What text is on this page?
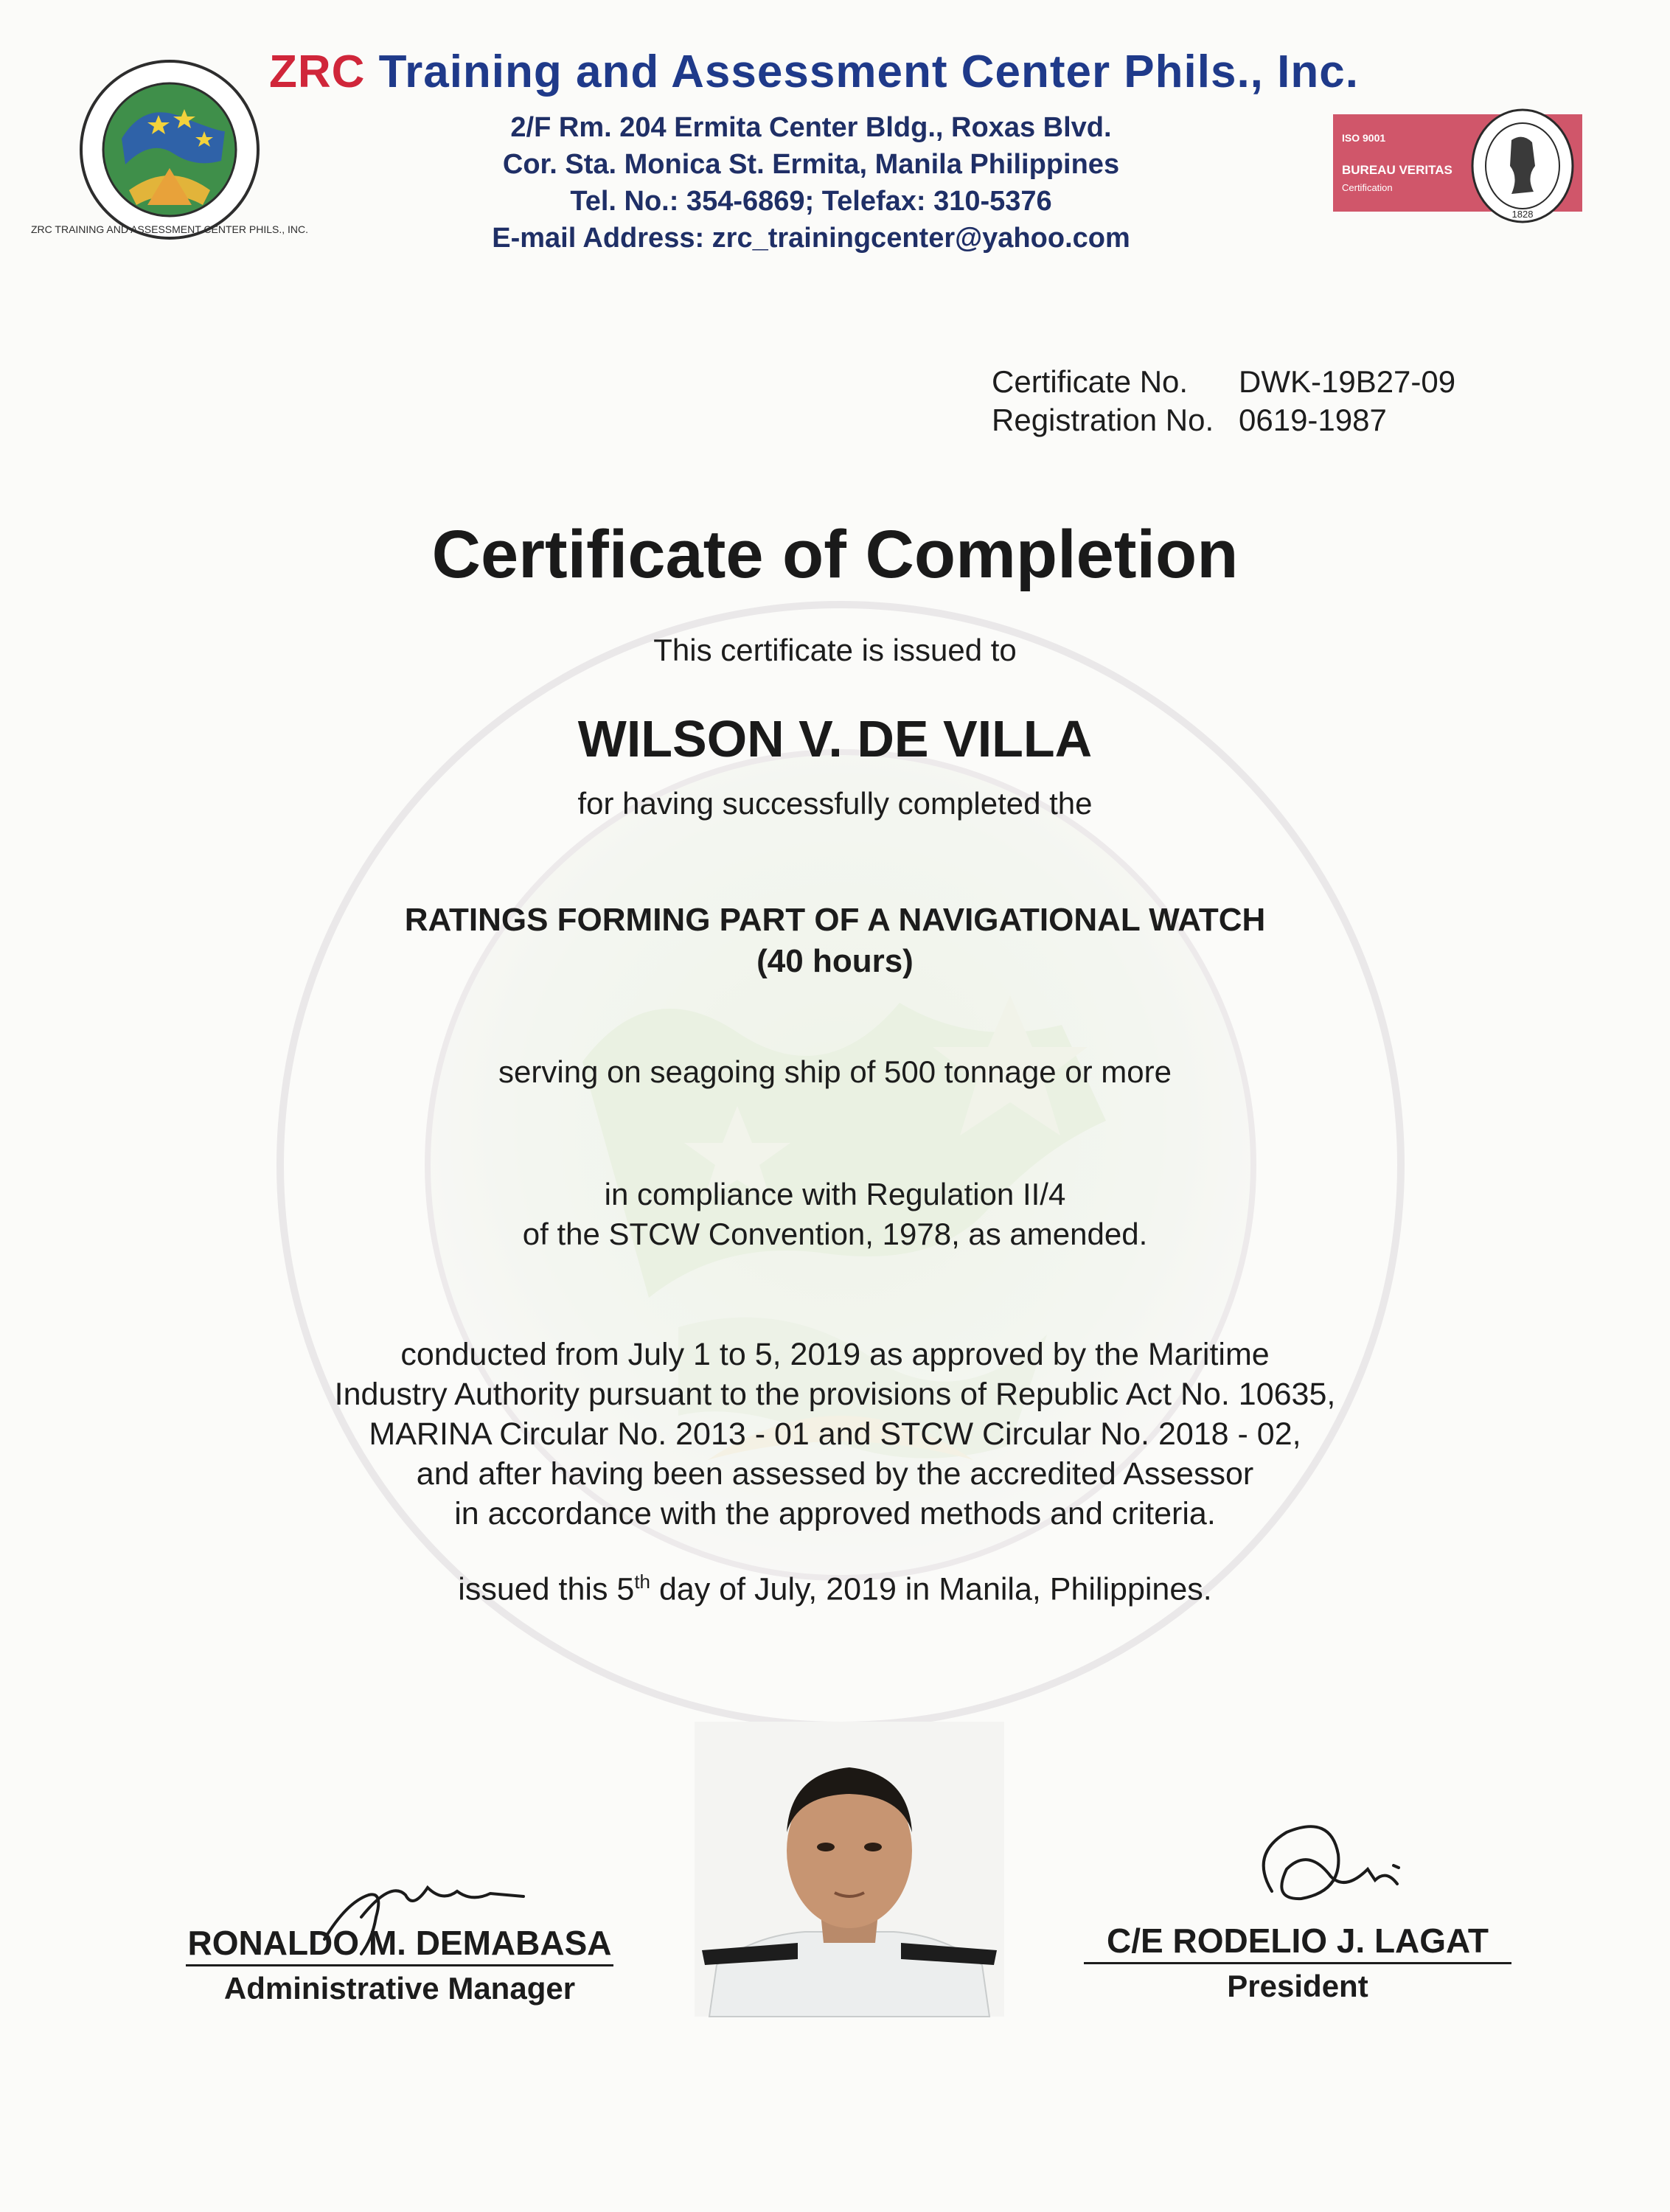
ZRC TRAINING AND ASSESSMENT CENTER PHILS., INC.
ZRC Training and Assessment Center Phils., Inc.
2/F Rm. 204 Ermita Center Bldg., Roxas Blvd.
Cor. Sta. Monica St. Ermita, Manila Philippines
Tel. No.: 354-6869; Telefax: 310-5376
E-mail Address: zrc_trainingcenter@yahoo.com
ISO 9001
BUREAU VERITAS
Certification
1828
Certificate No. DWK-19B27-09
Registration No. 0619-1987
Certificate of Completion
This certificate is issued to
WILSON V. DE VILLA
for having successfully completed the
RATINGS FORMING PART OF A NAVIGATIONAL WATCH
(40 hours)
serving on seagoing ship of 500 tonnage or more
in compliance with Regulation II/4
of the STCW Convention, 1978, as amended.
conducted from July 1 to 5, 2019 as approved by the Maritime
Industry Authority pursuant to the provisions of Republic Act No. 10635,
MARINA Circular No. 2013 - 01 and STCW Circular No. 2018 - 02,
and after having been assessed by the accredited Assessor
in accordance with the approved methods and criteria.
issued this 5th day of July, 2019 in Manila, Philippines.
RONALDO M. DEMABASA
Administrative Manager
C/E RODELIO J. LAGAT
President
